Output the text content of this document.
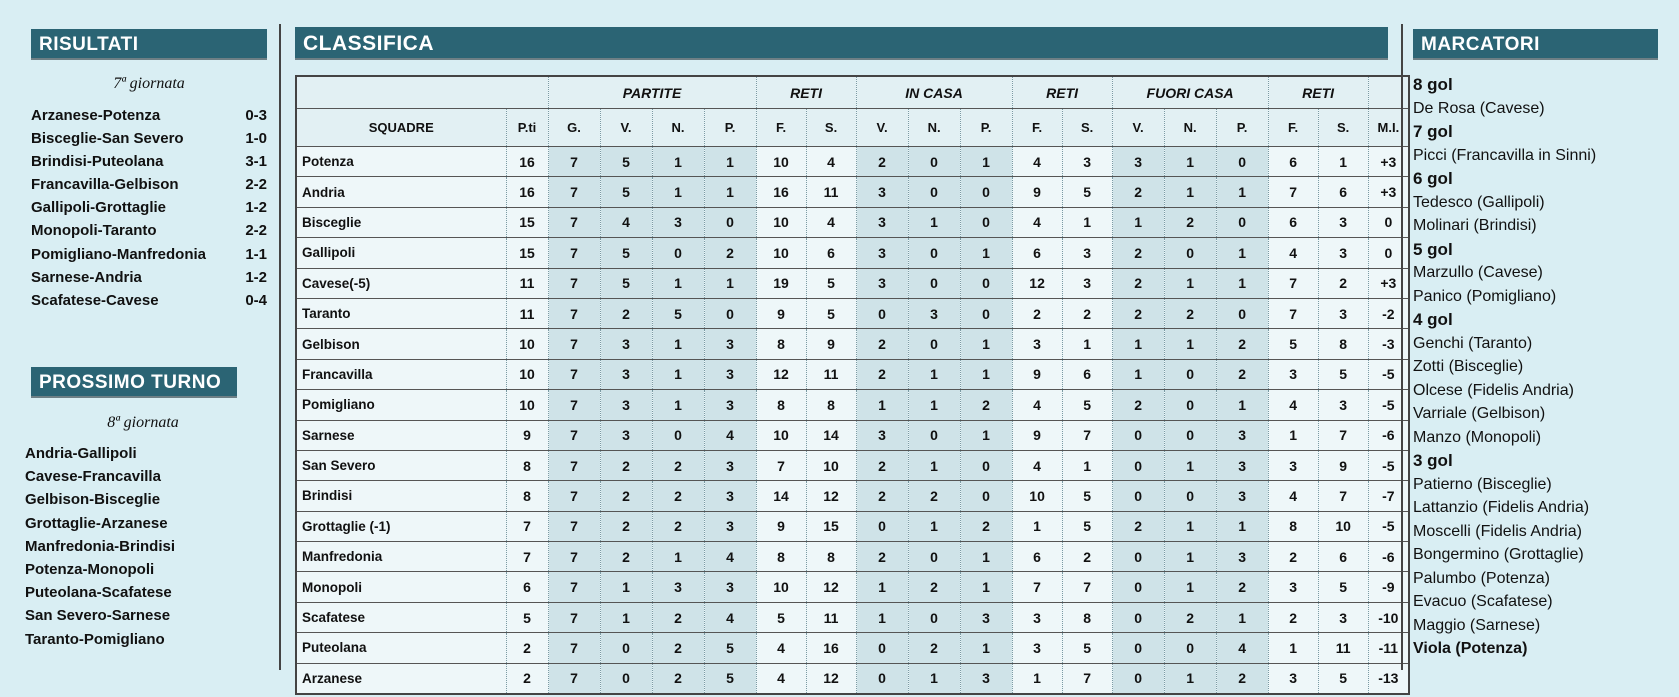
RISULTATI
7ª giornata
Arzanese-Potenza	0-3
Bisceglie-San Severo	1-0
Brindisi-Puteolana	3-1
Francavilla-Gelbison	2-2
Gallipoli-Grottaglie	1-2
Monopoli-Taranto	2-2
Pomigliano-Manfredonia	1-1
Sarnese-Andria	1-2
Scafatese-Cavese	0-4
PROSSIMO TURNO
8ª giornata
Andria-Gallipoli
Cavese-Francavilla
Gelbison-Bisceglie
Grottaglie-Arzanese
Manfredonia-Brindisi
Potenza-Monopoli
Puteolana-Scafatese
San Severo-Sarnese
Taranto-Pomigliano
CLASSIFICA
		PARTITE				RETI		IN CASA			RETI		FUORI CASA			RETI		
SQUADRE	P.ti	G.	V.	N.	P.	F.	S.	V.	N.	P.	F.	S.	V.	N.	P.	F.	S.	M.I.
Potenza	16	7	5	1	1	10	4	2	0	1	4	3	3	1	0	6	1	+3
Andria	16	7	5	1	1	16	11	3	0	0	9	5	2	1	1	7	6	+3
Bisceglie	15	7	4	3	0	10	4	3	1	0	4	1	1	2	0	6	3	0
Gallipoli	15	7	5	0	2	10	6	3	0	1	6	3	2	0	1	4	3	0
Cavese(-5)	11	7	5	1	1	19	5	3	0	0	12	3	2	1	1	7	2	+3
Taranto	11	7	2	5	0	9	5	0	3	0	2	2	2	2	0	7	3	-2
Gelbison	10	7	3	1	3	8	9	2	0	1	3	1	1	1	2	5	8	-3
Francavilla	10	7	3	1	3	12	11	2	1	1	9	6	1	0	2	3	5	-5
Pomigliano	10	7	3	1	3	8	8	1	1	2	4	5	2	0	1	4	3	-5
Sarnese	9	7	3	0	4	10	14	3	0	1	9	7	0	0	3	1	7	-6
San Severo	8	7	2	2	3	7	10	2	1	0	4	1	0	1	3	3	9	-5
Brindisi	8	7	2	2	3	14	12	2	2	0	10	5	0	0	3	4	7	-7
Grottaglie (-1)	7	7	2	2	3	9	15	0	1	2	1	5	2	1	1	8	10	-5
Manfredonia	7	7	2	1	4	8	8	2	0	1	6	2	0	1	3	2	6	-6
Monopoli	6	7	1	3	3	10	12	1	2	1	7	7	0	1	2	3	5	-9
Scafatese	5	7	1	2	4	5	11	1	0	3	3	8	0	2	1	2	3	-10
Puteolana	2	7	0	2	5	4	16	0	2	1	3	5	0	0	4	1	11	-11
Arzanese	2	7	0	2	5	4	12	0	1	3	1	7	0	1	2	3	5	-13
MARCATORI
8 gol
De Rosa (Cavese)
7 gol
Picci (Francavilla in Sinni)
6 gol
Tedesco (Gallipoli)
Molinari (Brindisi)
5 gol
Marzullo (Cavese)
Panico (Pomigliano)
4 gol
Genchi (Taranto)
Zotti (Bisceglie)
Olcese (Fidelis Andria)
Varriale (Gelbison)
Manzo (Monopoli)
3 gol
Patierno (Bisceglie)
Lattanzio (Fidelis Andria)
Moscelli (Fidelis Andria)
Bongermino (Grottaglie)
Palumbo (Potenza)
Evacuo (Scafatese)
Maggio (Sarnese)
Viola (Potenza)
